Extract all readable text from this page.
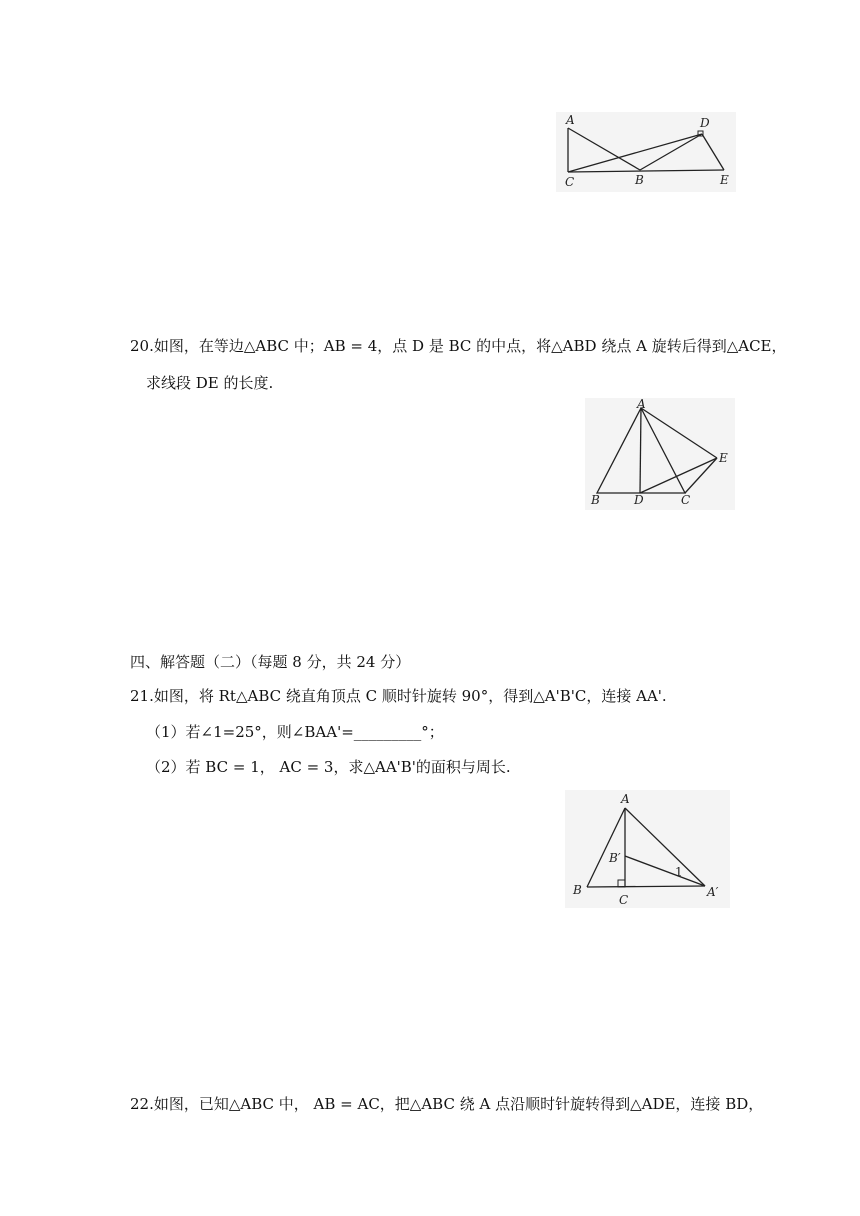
A	D
C	B	E
20.如图，在等边△ABC 中；AB = 4，点 D 是 BC 的中点，将△ABD 绕点 A 旋转后得到△ACE，
求线段 DE 的长度.
A
B	D	C
E
四、解答题（二）（每题 8 分，共 24 分）
21.如图，将 Rt△ABC 绕直角顶点 C 顺时针旋转 90°，得到△A'B'C，连接 AA'.
（1）若∠1=25°，则∠BAA'=_________°；
（2）若 BC = 1， AC = 3，求△AA'B'的面积与周长.
A
B′
1
B
C
A′
22.如图，已知△ABC 中， AB = AC，把△ABC 绕 A 点沿顺时针旋转得到△ADE，连接 BD，
